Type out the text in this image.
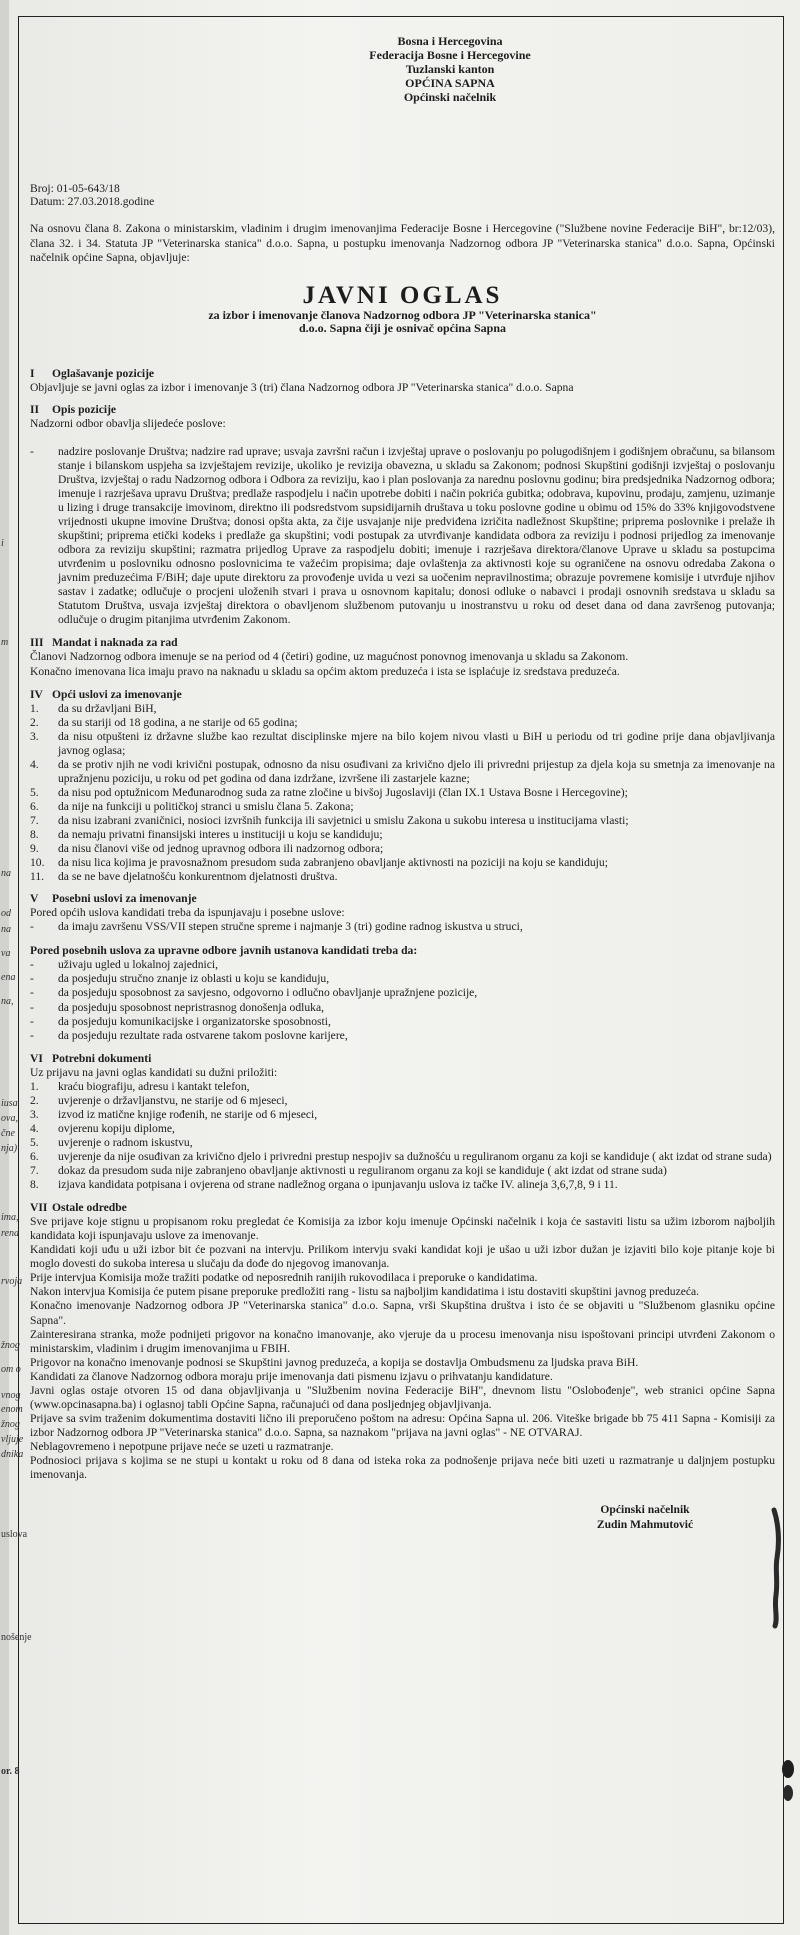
i
m
na
od
na
va
ena
na,
iusa
ova,
čne
nja)
ima,
rena
rvoja
žnog
om o
vnog
enom
žnog
vljuje
dnika
uslova
nošenje
or. 8
Bosna i Hercegovina
Federacija Bosne i Hercegovine
Tuzlanski kanton
OPĆINA SAPNA
Općinski načelnik
Broj: 01-05-643/18
Datum: 27.03.2018.godine
Na osnovu člana 8. Zakona o ministarskim, vladinim i drugim imenovanjima Federacije Bosne i Hercegovine ("Službene novine Federacije BiH", br:12/03), člana 32. i 34. Statuta JP "Veterinarska stanica" d.o.o. Sapna, u postupku imenovanja Nadzornog odbora JP "Veterinarska stanica" d.o.o. Sapna, Općinski načelnik općine Sapna, objavljuje:
JAVNI OGLAS
za izbor i imenovanje članova Nadzornog odbora JP "Veterinarska stanica"
d.o.o. Sapna čiji je osnivač općina Sapna
I Oglašavanje pozicije
Objavljuje se javni oglas za izbor i imenovanje 3 (tri) člana Nadzornog odbora JP "Veterinarska stanica" d.o.o. Sapna
II Opis pozicije
Nadzorni odbor obavlja slijedeće poslove:
- nadzire poslovanje Društva; nadzire rad uprave; usvaja završni račun i izvještaj uprave o poslovanju po polugodišnjem i godišnjem obračunu, sa bilansom stanje i bilanskom uspjeha sa izvještajem revizije, ukoliko je revizija obavezna, u skladu sa Zakonom; podnosi Skupštini godišnji izvještaj o poslovanju Društva, izvještaj o radu Nadzornog odbora i Odbora za reviziju, kao i plan poslovanja za narednu poslovnu godinu; bira predsjednika Nadzornog odbora; imenuje i razrješava upravu Društva; predlaže raspodjelu i način upotrebe dobiti i način pokrića gubitka; odobrava, kupovinu, prodaju, zamjenu, uzimanje u lizing i druge transakcije imovinom, direktno ili podsredstvom supsidijarnih društava u toku poslovne godine u obimu od 15% do 33% knjigovodstvene vrijednosti ukupne imovine Društva; donosi opšta akta, za čije usvajanje nije predviđena izričita nadležnost Skupštine; priprema poslovnike i prelaže ih skupštini; priprema etički kodeks i predlaže ga skupštini; vodi postupak za utvrđivanje kandidata odbora za reviziju i podnosi prijedlog za imenovanje odbora za reviziju skupštini; razmatra prijedlog Uprave za raspodjelu dobiti; imenuje i razrješava direktora/članove Uprave u skladu sa postupcima utvrđenim u poslovniku odnosno poslovnicima te važećim propisima; daje ovlaštenja za aktivnosti koje su ograničene na osnovu odredaba Zakona o javnim preduzećima F/BiH; daje upute direktoru za provođenje uvida u vezi sa uočenim nepravilnostima; obrazuje povremene komisije i utvrđuje njihov sastav i zadatke; odlučuje o procjeni uloženih stvari i prava u osnovnom kapitalu; donosi odluke o nabavci i prodaji osnovnih sredstava u skladu sa Statutom Društva, usvaja izvještaj direktora o obavljenom službenom putovanju u inostranstvu u roku od deset dana od dana završenog putovanja; odlučuje o drugim pitanjima utvrđenim Zakonom.
III Mandat i naknada za rad
Članovi Nadzornog odbora imenuje se na period od 4 (četiri) godine, uz magućnost ponovnog imenovanja u skladu sa Zakonom.
Konačno imenovana lica imaju pravo na naknadu u skladu sa općim aktom preduzeća i ista se isplaćuje iz sredstava preduzeća.
IV Opći uslovi za imenovanje
1. da su državljani BiH,
2. da su stariji od 18 godina, a ne starije od 65 godina;
3. da nisu otpušteni iz državne službe kao rezultat disciplinske mjere na bilo kojem nivou vlasti u BiH u periodu od tri godine prije dana objavljivanja javnog oglasa;
4. da se protiv njih ne vodi krivični postupak, odnosno da nisu osuđivani za krivično djelo ili privredni prijestup za djela koja su smetnja za imenovanje na upražnjenu poziciju, u roku od pet godina od dana izdržane, izvršene ili zastarjele kazne;
5. da nisu pod optužnicom Međunarodnog suda za ratne zločine u bivšoj Jugoslaviji (član IX.1 Ustava Bosne i Hercegovine);
6. da nije na funkciji u političkoj stranci u smislu člana 5. Zakona;
7. da nisu izabrani zvaničnici, nosioci izvršnih funkcija ili savjetnici u smislu Zakona u sukobu interesa u institucijama vlasti;
8. da nemaju privatni finansijski interes u instituciji u koju se kandiduju;
9. da nisu članovi više od jednog upravnog odbora ili nadzornog odbora;
10. da nisu lica kojima je pravosnažnom presudom suda zabranjeno obavljanje aktivnosti na poziciji na koju se kandiduju;
11. da se ne bave djelatnošću konkurentnom djelatnosti društva.
V Posebni uslovi za imenovanje
Pored općih uslova kandidati treba da ispunjavaju i posebne uslove:
- da imaju završenu VSS/VII stepen stručne spreme i najmanje 3 (tri) godine radnog iskustva u struci,
Pored posebnih uslova za upravne odbore javnih ustanova kandidati treba da:
- uživaju ugled u lokalnoj zajednici,
- da posjeduju stručno znanje iz oblasti u koju se kandiduju,
- da posjeduju sposobnost za savjesno, odgovorno i odlučno obavljanje upražnjene pozicije,
- da posjeduju sposobnost nepristrasnog donošenja odluka,
- da posjeduju komunikacijske i organizatorske sposobnosti,
- da posjeduju rezultate rada ostvarene takom poslovne karijere,
VI Potrebni dokumenti
Uz prijavu na javni oglas kandidati su dužni priložiti:
1. kraću biografiju, adresu i kantakt telefon,
2. uvjerenje o državljanstvu, ne starije od 6 mjeseci,
3. izvod iz matične knjige rođenih, ne starije od 6 mjeseci,
4. ovjerenu kopiju diplome,
5. uvjerenje o radnom iskustvu,
6. uvjerenje da nije osuđivan za krivično djelo i privredni prestup nespojiv sa dužnošću u reguliranom organu za koji se kandiduje ( akt izdat od strane suda)
7. dokaz da presudom suda nije zabranjeno obavljanje aktivnosti u reguliranom organu za koji se kandiduje ( akt izdat od strane suda)
8. izjava kandidata potpisana i ovjerena od strane nadležnog organa o ipunjavanju uslova iz tačke IV. alineja 3,6,7,8, 9 i 11.
VII Ostale odredbe
Sve prijave koje stignu u propisanom roku pregledat će Komisija za izbor koju imenuje Općinski načelnik i koja će sastaviti listu sa užim izborom najboljih kandidata koji ispunjavaju uslove za imenovanje.
Kandidati koji uđu u uži izbor bit će pozvani na intervju. Prilikom intervju svaki kandidat koji je ušao u uži izbor dužan je izjaviti bilo koje pitanje koje bi moglo dovesti do sukoba interesa u slučaju da dođe do njegovog imanovanja.
Prije intervjua Komisija može tražiti podatke od neposrednih ranijih rukovodilaca i preporuke o kandidatima.
Nakon intervjua Komisija će putem pisane preporuke predložiti rang - listu sa najboljim kandidatima i istu dostaviti skupštini javnog preduzeća.
Konačno imenovanje Nadzornog odbora JP "Veterinarska stanica" d.o.o. Sapna, vrši Skupština društva i isto će se objaviti u "Službenom glasniku općine Sapna".
Zainteresirana stranka, može podnijeti prigovor na konačno imanovanje, ako vjeruje da u procesu imenovanja nisu ispoštovani principi utvrđeni Zakonom o ministarskim, vladinim i drugim imenovanjima u FBIH.
Prigovor na konačno imenovanje podnosi se Skupštini javnog preduzeća, a kopija se dostavlja Ombudsmenu za ljudska prava BiH.
Kandidati za članove Nadzornog odbora moraju prije imenovanja dati pismenu izjavu o prihvatanju kandidature.
Javni oglas ostaje otvoren 15 od dana objavljivanja u "Službenim novina Federacije BiH", dnevnom listu "Oslobođenje", web stranici općine Sapna (www.opcinasapna.ba) i oglasnoj tabli Općine Sapna, računajući od dana posljednjeg objavljivanja.
Prijave sa svim traženim dokumentima dostaviti lično ili preporučeno poštom na adresu: Općina Sapna ul. 206. Viteške brigade bb 75 411 Sapna - Komisiji za izbor Nadzornog odbora JP "Veterinarska stanica" d.o.o. Sapna, sa naznakom "prijava na javni oglas" - NE OTVARAJ.
Neblagovremeno i nepotpune prijave neće se uzeti u razmatranje.
Podnosioci prijava s kojima se ne stupi u kontakt u roku od 8 dana od isteka roka za podnošenje prijava neće biti uzeti u razmatranje u daljnjem postupku imenovanja.
Općinski načelnik
Zudin Mahmutović
